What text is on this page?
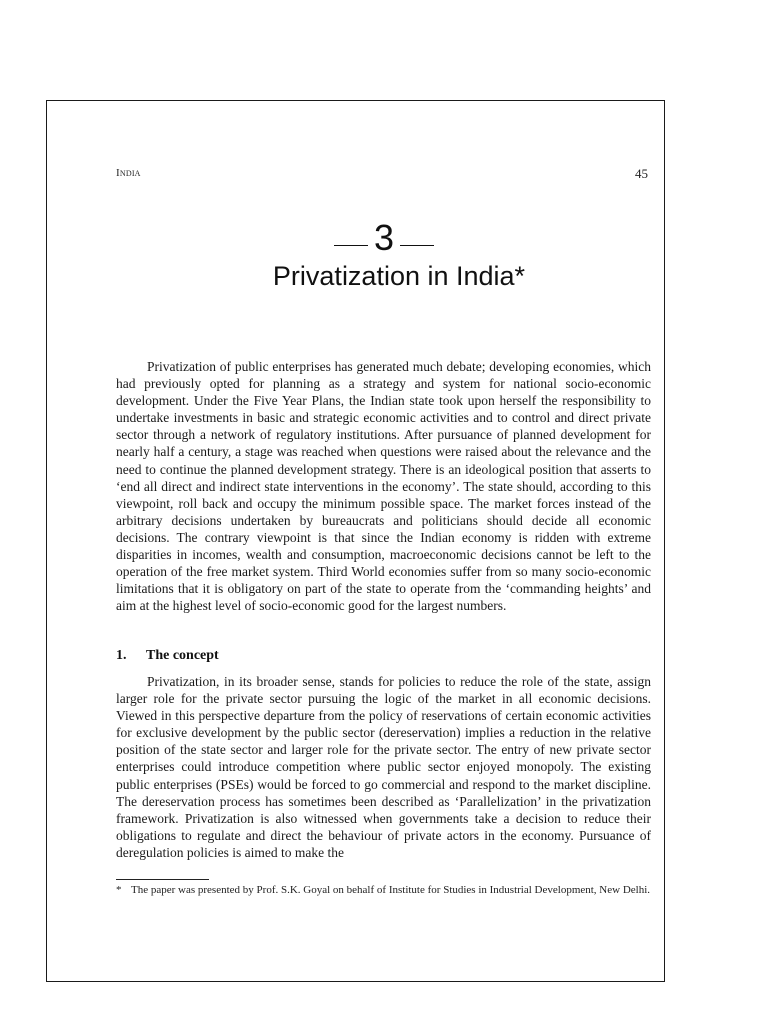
India	45
3
Privatization in India*

Privatization of public enterprises has generated much debate; developing economies, which had previously opted for planning as a strategy and system for national socio-economic development. Under the Five Year Plans, the Indian state took upon herself the responsibility to undertake investments in basic and strategic economic activities and to control and direct private sector through a network of regulatory institutions. After pursuance of planned development for nearly half a century, a stage was reached when questions were raised about the relevance and the need to continue the planned development strategy. There is an ideological position that asserts to ‘end all direct and indirect state interventions in the economy’. The state should, according to this viewpoint, roll back and occupy the minimum possible space. The market forces instead of the arbitrary decisions undertaken by bureaucrats and politicians should decide all economic decisions. The contrary viewpoint is that since the Indian economy is ridden with extreme disparities in incomes, wealth and consumption, macroeconomic decisions cannot be left to the operation of the free market system. Third World economies suffer from so many socio-economic limitations that it is obligatory on part of the state to operate from the ‘commanding heights’ and aim at the highest level of socio-economic good for the largest numbers.

1. The concept

Privatization, in its broader sense, stands for policies to reduce the role of the state, assign larger role for the private sector pursuing the logic of the market in all economic decisions. Viewed in this perspective departure from the policy of reservations of certain economic activities for exclusive development by the public sector (dereservation) implies a reduction in the relative position of the state sector and larger role for the private sector. The entry of new private sector enterprises could introduce competition where public sector enjoyed monopoly. The existing public enterprises (PSEs) would be forced to go commercial and respond to the market discipline. The dereservation process has sometimes been described as ‘Parallelization’ in the privatization framework. Privatization is also witnessed when governments take a decision to reduce their obligations to regulate and direct the behaviour of private actors in the economy. Pursuance of deregulation policies is aimed to make the

* The paper was presented by Prof. S.K. Goyal on behalf of Institute for Studies in Industrial Development, New Delhi.
